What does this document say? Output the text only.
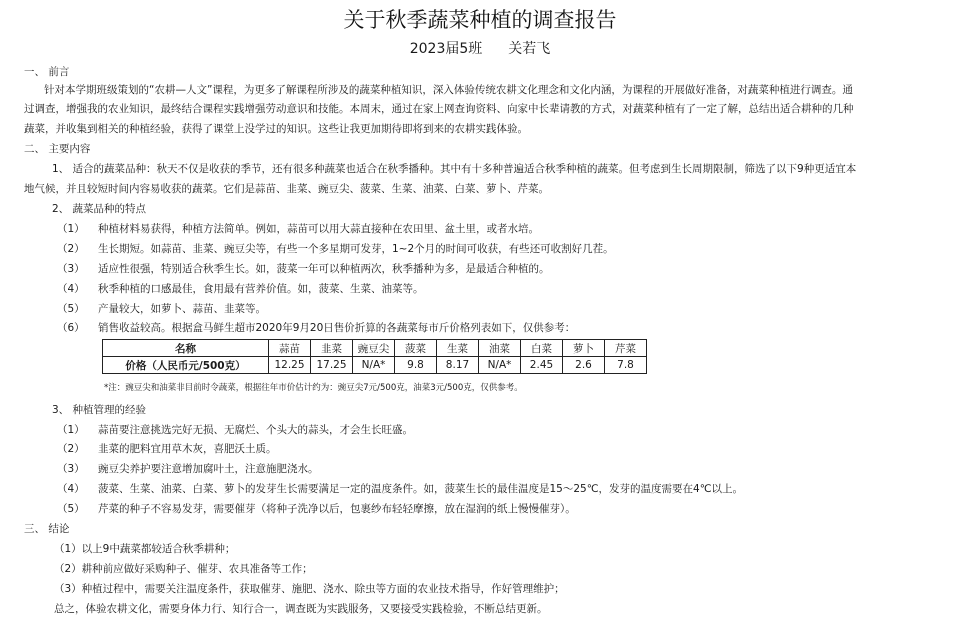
关于秋季蔬菜种植的调查报告
2023届5班 关若飞
一、 前言
针对本学期班级策划的“农耕—人文”课程，为更多了解课程所涉及的蔬菜种植知识，深入体验传统农耕文化理念和文化内涵，为课程的开展做好准备，对蔬菜种植进行调查。通
过调查，增强我的农业知识，最终结合课程实践增强劳动意识和技能。本周末，通过在家上网查询资料、向家中长辈请教的方式，对蔬菜种植有了一定了解，总结出适合耕种的几种
蔬菜，并收集到相关的种植经验，获得了课堂上没学过的知识。这些让我更加期待即将到来的农耕实践体验。
二、 主要内容
1、 适合的蔬菜品种：秋天不仅是收获的季节，还有很多种蔬菜也适合在秋季播种。其中有十多种普遍适合秋季种植的蔬菜。但考虑到生长周期限制，筛选了以下9种更适宜本
地气候，并且较短时间内容易收获的蔬菜。它们是蒜苗、韭菜、豌豆尖、菠菜、生菜、油菜、白菜、萝卜、芹菜。
2、 蔬菜品种的特点
（1） 种植材料易获得，种植方法简单。例如，蒜苗可以用大蒜直接种在农田里、盆土里，或者水培。
（2） 生长期短。如蒜苗、韭菜、豌豆尖等，有些一个多星期可发芽，1~2个月的时间可收获，有些还可收割好几茬。
（3） 适应性很强，特别适合秋季生长。如，菠菜一年可以种植两次，秋季播种为多，是最适合种植的。
（4） 秋季种植的口感最佳，食用最有营养价值。如，菠菜、生菜、油菜等。
（5） 产量较大，如萝卜、蒜苗、韭菜等。
（6） 销售收益较高。根据盒马鲜生超市2020年9月20日售价折算的各蔬菜每市斤价格列表如下，仅供参考：
名称	蒜苗	韭菜	豌豆尖	菠菜	生菜	油菜	白菜	萝卜	芹菜
价格（人民币元/500克）	12.25	17.25	N/A*	9.8	8.17	N/A*	2.45	2.6	7.8
*注：豌豆尖和油菜非目前时令蔬菜，根据往年市价估计约为：豌豆尖7元/500克，油菜3元/500克，仅供参考。
3、 种植管理的经验
（1） 蒜苗要注意挑选完好无损、无腐烂、个头大的蒜头，才会生长旺盛。
（2） 韭菜的肥料宜用草木灰，喜肥沃土质。
（3） 豌豆尖养护要注意增加腐叶土，注意施肥浇水。
（4） 菠菜、生菜、油菜、白菜、萝卜的发芽生长需要满足一定的温度条件。如，菠菜生长的最佳温度是15～25℃，发芽的温度需要在4℃以上。
（5） 芹菜的种子不容易发芽，需要催芽（将种子洗净以后，包裹纱布轻轻摩擦，放在湿润的纸上慢慢催芽）。
三、 结论
（1）以上9中蔬菜都较适合秋季耕种；
（2）耕种前应做好采购种子、催芽、农具准备等工作；
（3）种植过程中，需要关注温度条件，获取催芽、施肥、浇水、除虫等方面的农业技术指导，作好管理维护；
总之，体验农耕文化，需要身体力行、知行合一，调查既为实践服务，又要接受实践检验，不断总结更新。
